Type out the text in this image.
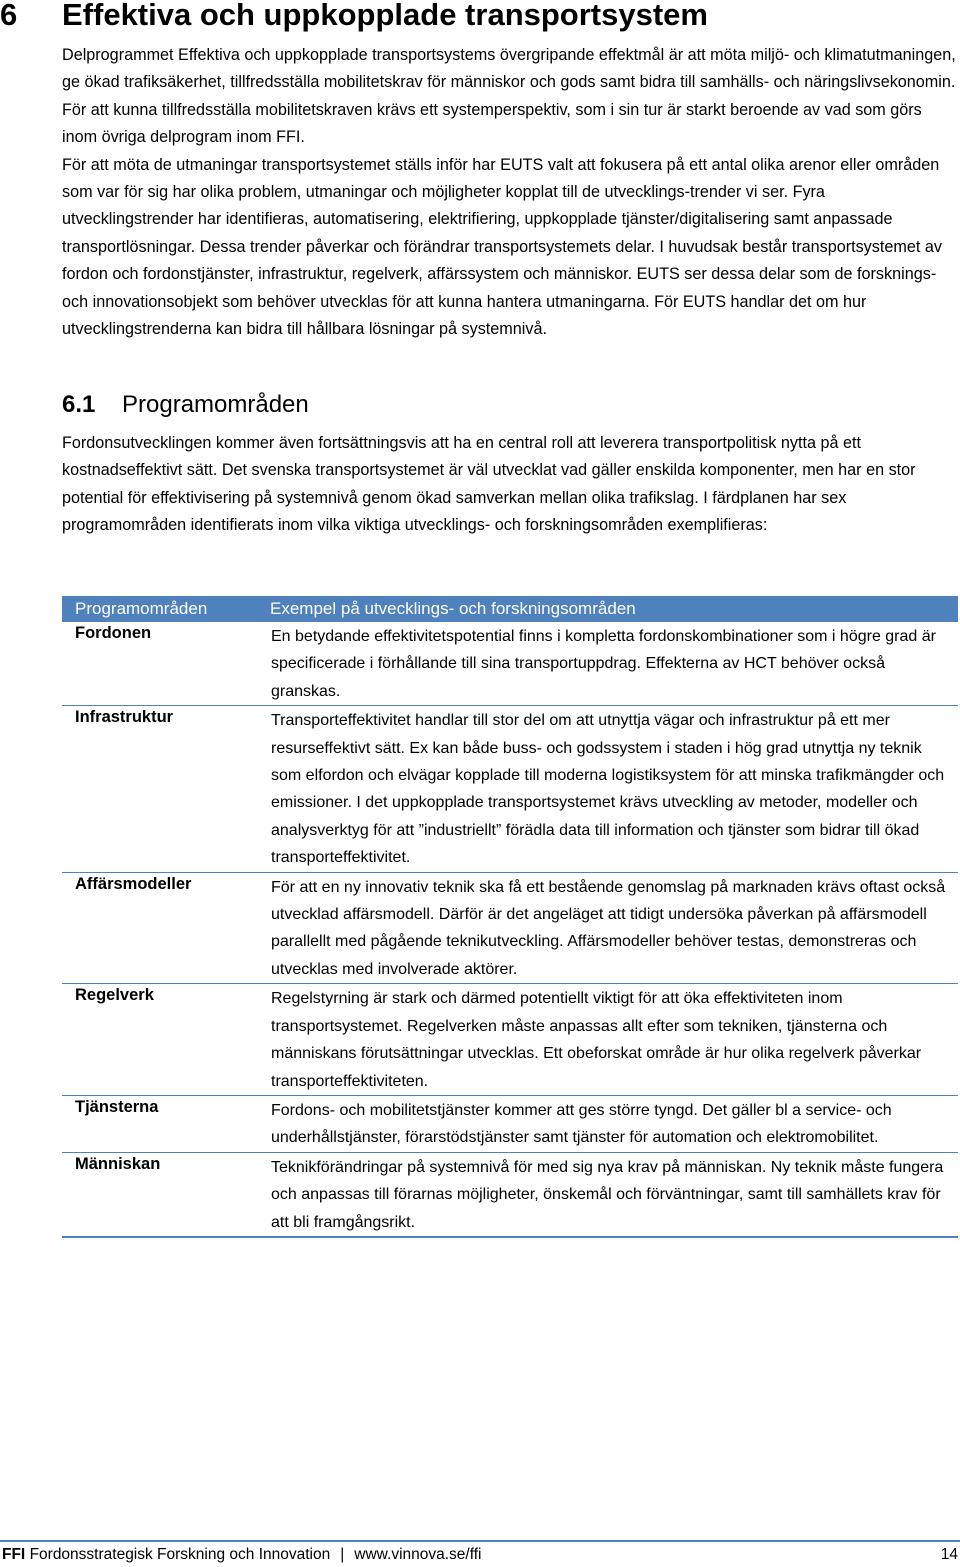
6 Effektiva och uppkopplade transportsystem

Delprogrammet Effektiva och uppkopplade transportsystems övergripande effektmål är att möta miljö- och klimatutmaningen, ge ökad trafiksäkerhet, tillfredsställa mobilitetskrav för människor och gods samt bidra till samhälls- och näringslivsekonomin. För att kunna tillfredsställa mobilitetskraven krävs ett systemperspektiv, som i sin tur är starkt beroende av vad som görs inom övriga delprogram inom FFI.

För att möta de utmaningar transportsystemet ställs inför har EUTS valt att fokusera på ett antal olika arenor eller områden som var för sig har olika problem, utmaningar och möjligheter kopplat till de utvecklings-trender vi ser. Fyra utvecklingstrender har identifieras, automatisering, elektrifiering, uppkopplade tjänster/digitalisering samt anpassade transportlösningar. Dessa trender påverkar och förändrar transportsystemets delar. I huvudsak består transportsystemet av fordon och fordonstjänster, infrastruktur, regelverk, affärssystem och människor. EUTS ser dessa delar som de forsknings- och innovationsobjekt som behöver utvecklas för att kunna hantera utmaningarna. För EUTS handlar det om hur utvecklingstrenderna kan bidra till hållbara lösningar på systemnivå.

6.1 Programområden

Fordonsutvecklingen kommer även fortsättningsvis att ha en central roll att leverera transportpolitisk nytta på ett kostnadseffektivt sätt. Det svenska transportsystemet är väl utvecklat vad gäller enskilda komponenter, men har en stor potential för effektivisering på systemnivå genom ökad samverkan mellan olika trafikslag. I färdplanen har sex programområden identifierats inom vilka viktiga utvecklings- och forskningsområden exemplifieras:

Programområden	Exempel på utvecklings- och forskningsområden
Fordonen	En betydande effektivitetspotential finns i kompletta fordonskombinationer som i högre grad är specificerade i förhållande till sina transportuppdrag. Effekterna av HCT behöver också granskas.
Infrastruktur	Transporteffektivitet handlar till stor del om att utnyttja vägar och infrastruktur på ett mer resurseffektivt sätt. Ex kan både buss- och godssystem i staden i hög grad utnyttja ny teknik som elfordon och elvägar kopplade till moderna logistiksystem för att minska trafikmängder och emissioner. I det uppkopplade transportsystemet krävs utveckling av metoder, modeller och analysverktyg för att ”industriellt” förädla data till information och tjänster som bidrar till ökad transporteffektivitet.
Affärsmodeller	För att en ny innovativ teknik ska få ett bestående genomslag på marknaden krävs oftast också utvecklad affärsmodell. Därför är det angeläget att tidigt undersöka påverkan på affärsmodell parallellt med pågående teknikutveckling. Affärsmodeller behöver testas, demonstreras och utvecklas med involverade aktörer.
Regelverk	Regelstyrning är stark och därmed potentiellt viktigt för att öka effektiviteten inom transportsystemet. Regelverken måste anpassas allt efter som tekniken, tjänsterna och människans förutsättningar utvecklas. Ett obeforskat område är hur olika regelverk påverkar transporteffektiviteten.
Tjänsterna	Fordons- och mobilitetstjänster kommer att ges större tyngd. Det gäller bl a service- och underhållstjänster, förarstödstjänster samt tjänster för automation och elektromobilitet.
Människan	Teknikförändringar på systemnivå för med sig nya krav på människan. Ny teknik måste fungera och anpassas till förarnas möjligheter, önskemål och förväntningar, samt till samhällets krav för att bli framgångsrikt.
FFI Fordonsstrategisk Forskning och Innovation | www.vinnova.se/ffi	14
